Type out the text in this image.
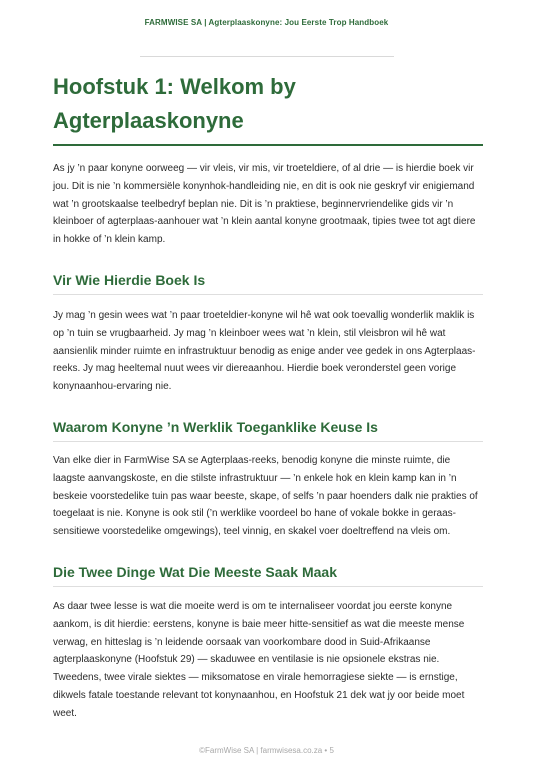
FARMWISE SA | Agterplaaskonyne: Jou Eerste Trop Handboek
Hoofstuk 1: Welkom by Agterplaaskonyne

As jy ’n paar konyne oorweeg — vir vleis, vir mis, vir troeteldiere, of al drie — is hierdie boek vir jou. Dit is nie ’n kommersiële konynhok-handleiding nie, en dit is ook nie geskryf vir enigiemand wat ’n grootskaalse teelbedryf beplan nie. Dit is ’n praktiese, beginnervriendelike gids vir ’n kleinboer of agterplaas-aanhouer wat ’n klein aantal konyne grootmaak, tipies twee tot agt diere in hokke of ’n klein kamp.

Vir Wie Hierdie Boek Is

Jy mag ’n gesin wees wat ’n paar troeteldier-konyne wil hê wat ook toevallig wonderlik maklik is op ’n tuin se vrugbaarheid. Jy mag ’n kleinboer wees wat ’n klein, stil vleisbron wil hê wat aansienlik minder ruimte en infrastruktuur benodig as enige ander vee gedek in ons Agterplaas-reeks. Jy mag heeltemal nuut wees vir diereaanhou. Hierdie boek veronderstel geen vorige konynaanhou-ervaring nie.

Waarom Konyne ’n Werklik Toeganklike Keuse Is

Van elke dier in FarmWise SA se Agterplaas-reeks, benodig konyne die minste ruimte, die laagste aanvangskoste, en die stilste infrastruktuur — ’n enkele hok en klein kamp kan in ’n beskeie voorstedelike tuin pas waar beeste, skape, of selfs ’n paar hoenders dalk nie prakties of toegelaat is nie. Konyne is ook stil (’n werklike voordeel bo hane of vokale bokke in geraas-sensitiewe voorstedelike omgewings), teel vinnig, en skakel voer doeltreffend na vleis om.

Die Twee Dinge Wat Die Meeste Saak Maak

As daar twee lesse is wat die moeite werd is om te internaliseer voordat jou eerste konyne aankom, is dit hierdie: eerstens, konyne is baie meer hitte-sensitief as wat die meeste mense verwag, en hitteslag is ’n leidende oorsaak van voorkombare dood in Suid-Afrikaanse agterplaaskonyne (Hoofstuk 29) — skaduwee en ventilasie is nie opsionele ekstras nie. Tweedens, twee virale siektes — miksomatose en virale hemorragiese siekte — is ernstige, dikwels fatale toestande relevant tot konynaanhou, en Hoofstuk 21 dek wat jy oor beide moet weet.

©FarmWise SA | farmwisesa.co.za • 5
